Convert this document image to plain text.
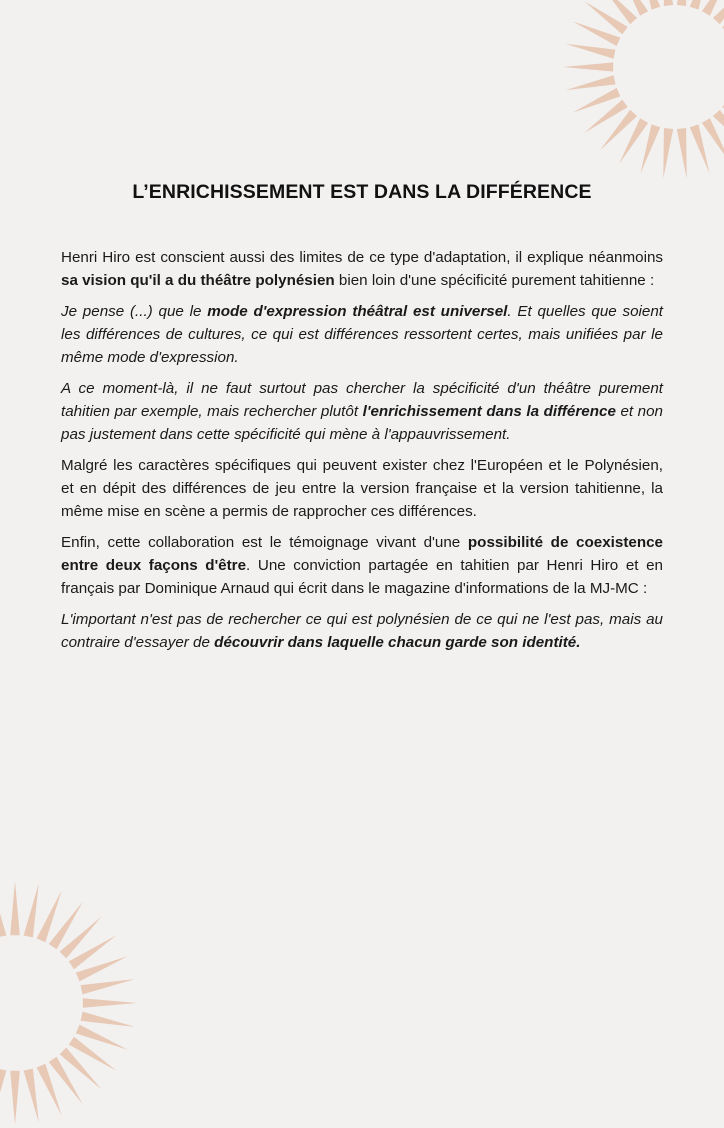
L’ENRICHISSEMENT EST DANS LA DIFFÉRENCE

Henri Hiro est conscient aussi des limites de ce type d'adaptation, il explique néanmoins sa vision qu'il a du théâtre polynésien bien loin d'une spécificité purement tahitienne :

Je pense (...) que le mode d'expression théâtral est universel. Et quelles que soient les différences de cultures, ce qui est différences ressortent certes, mais unifiées par le même mode d'expression.

A ce moment-là, il ne faut surtout pas chercher la spécificité d'un théâtre purement tahitien par exemple, mais rechercher plutôt l'enrichissement dans la différence et non pas justement dans cette spécificité qui mène à l'appauvrissement.

Malgré les caractères spécifiques qui peuvent exister chez l'Européen et le Polynésien, et en dépit des différences de jeu entre la version française et la version tahitienne, la même mise en scène a permis de rapprocher ces différences.

Enfin, cette collaboration est le témoignage vivant d'une possibilité de coexistence entre deux façons d'être. Une conviction partagée en tahitien par Henri Hiro et en français par Dominique Arnaud qui écrit dans le magazine d'informations de la MJ-MC :

L'important n'est pas de rechercher ce qui est polynésien de ce qui ne l'est pas, mais au contraire d'essayer de découvrir dans laquelle chacun garde son identité.
